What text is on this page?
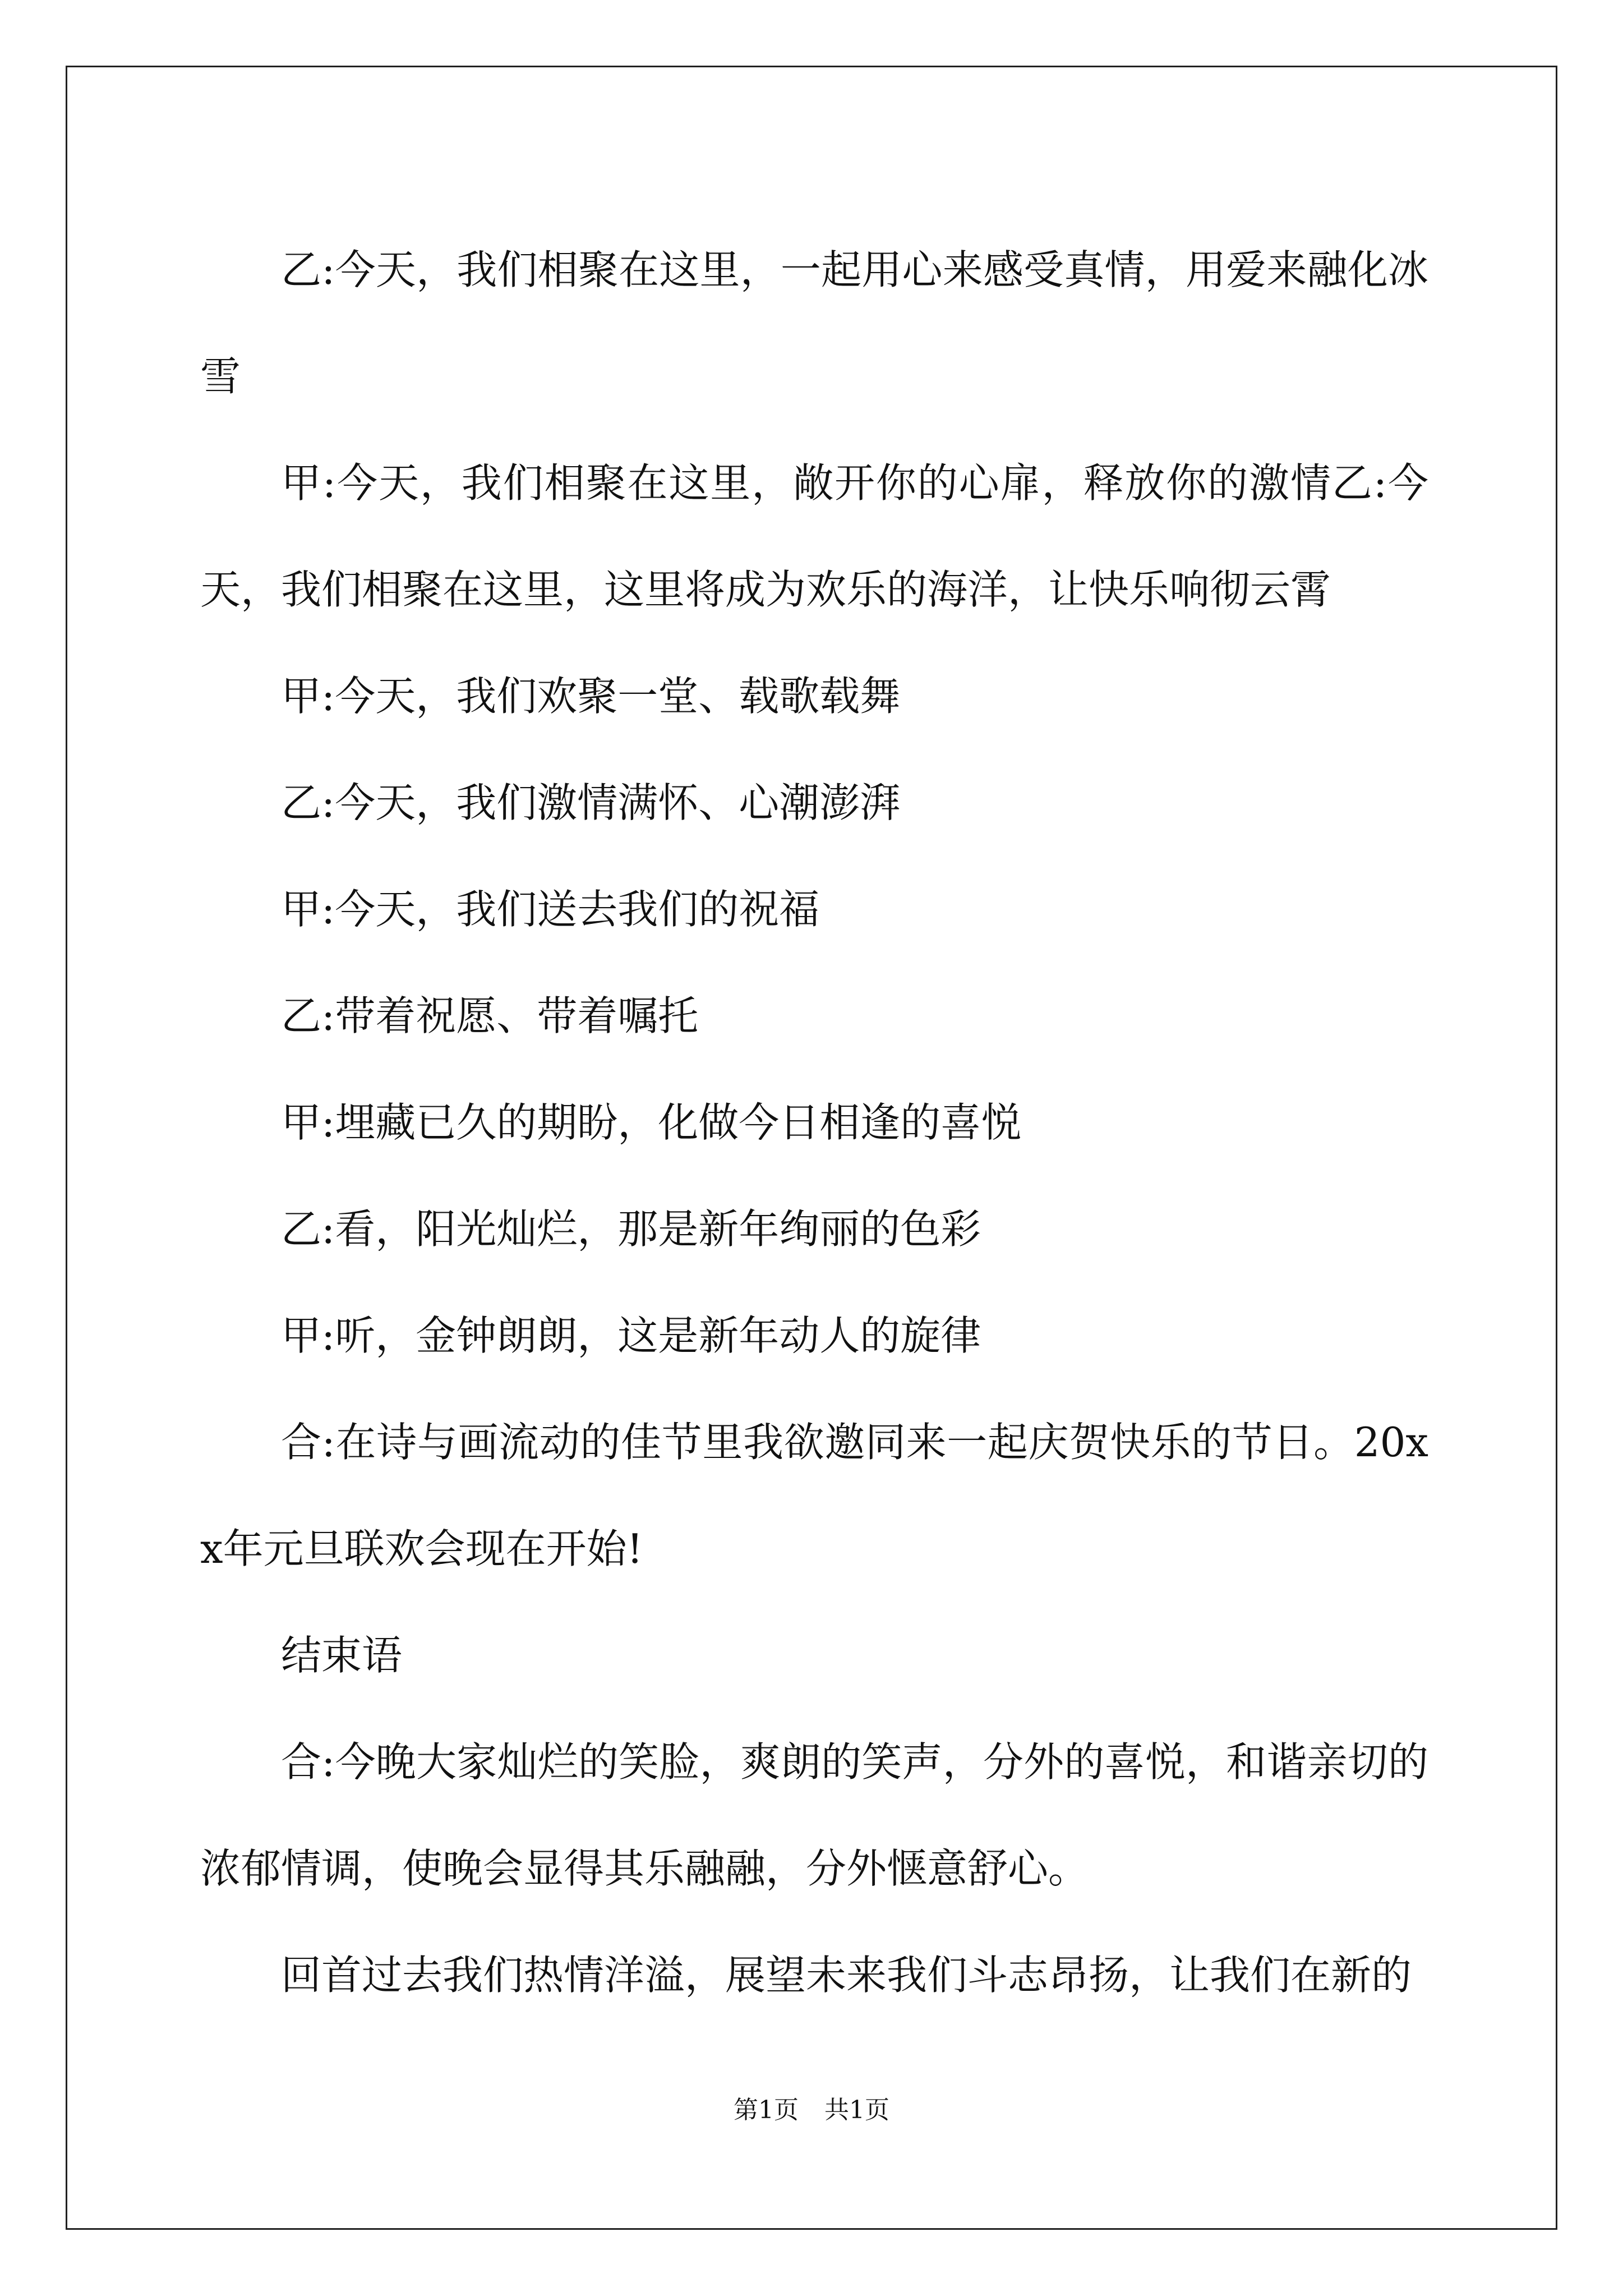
乙:今天，我们相聚在这里，一起用心来感受真情，用爱来融化冰雪

甲:今天，我们相聚在这里，敞开你的心扉，释放你的激情乙:今天，我们相聚在这里，这里将成为欢乐的海洋，让快乐响彻云霄

甲:今天，我们欢聚一堂、载歌载舞

乙:今天，我们激情满怀、心潮澎湃

甲:今天，我们送去我们的祝福

乙:带着祝愿、带着嘱托

甲:埋藏已久的期盼，化做今日相逢的喜悦

乙:看，阳光灿烂，那是新年绚丽的色彩

甲:听，金钟朗朗，这是新年动人的旋律

合:在诗与画流动的佳节里我欲邀同来一起庆贺快乐的节日。20xx年元旦联欢会现在开始!

结束语

合:今晚大家灿烂的笑脸，爽朗的笑声，分外的喜悦，和谐亲切的浓郁情调，使晚会显得其乐融融，分外惬意舒心。

回首过去我们热情洋溢，展望未来我们斗志昂扬，让我们在新的

第1页 共1页
